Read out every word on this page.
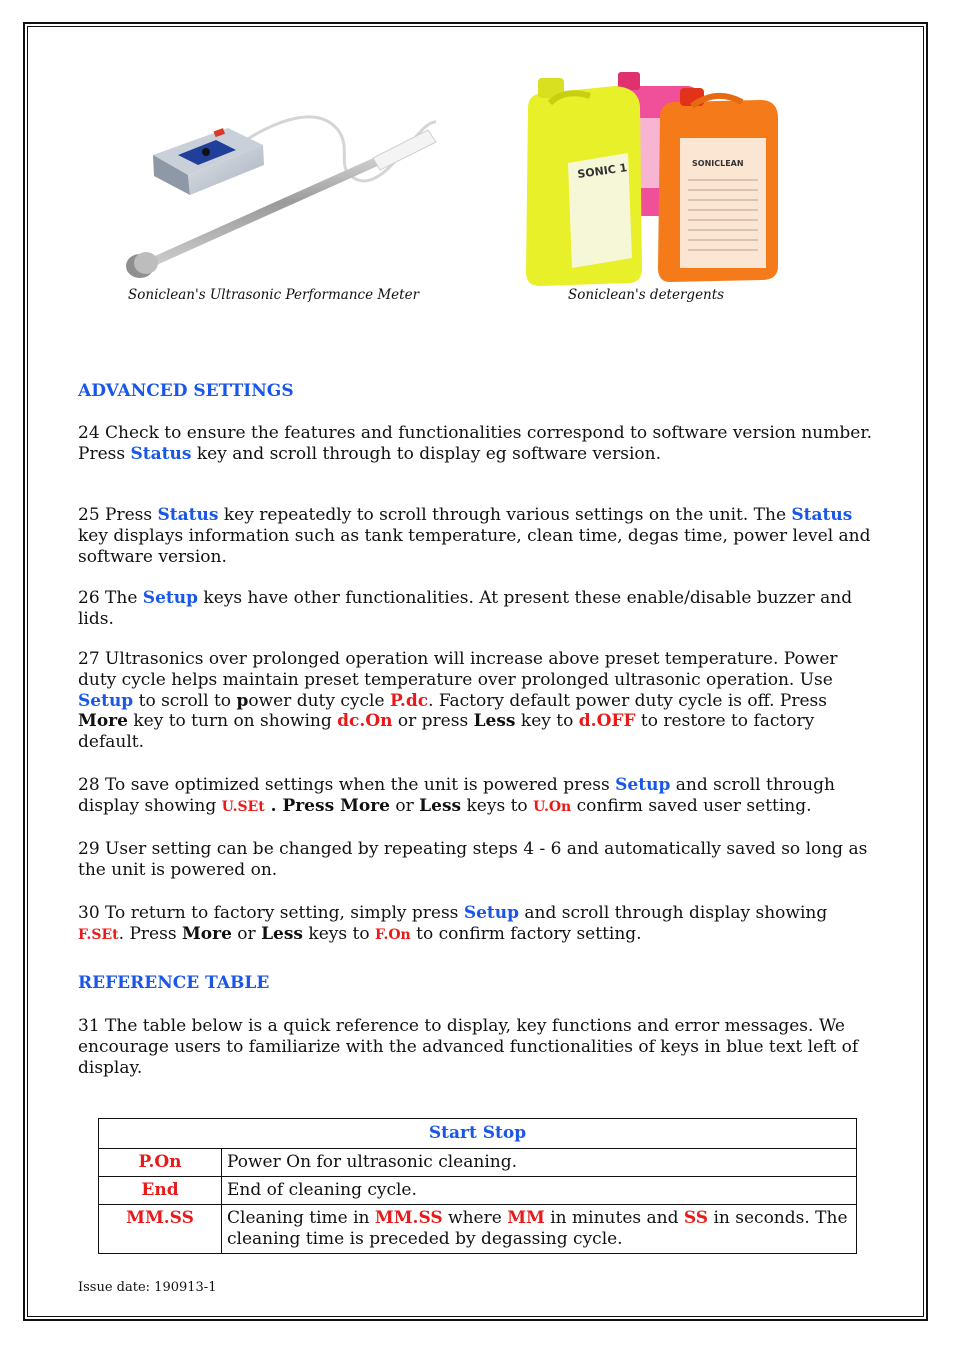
Soniclean's Ultrasonic Performance Meter
SONIC 1	SONICLEAN
Soniclean's detergents
ADVANCED SETTINGS
24 Check to ensure the features and functionalities correspond to software version number.
Press Status key and scroll through to display eg software version.
25 Press Status key repeatedly to scroll through various settings on the unit. The Status key displays information such as tank temperature, clean time, degas time, power level and software version.
26 The Setup keys have other functionalities. At present these enable/disable buzzer and lids.
27 Ultrasonics over prolonged operation will increase above preset temperature. Power duty cycle helps maintain preset temperature over prolonged ultrasonic operation. Use Setup to scroll to power duty cycle P.dc. Factory default power duty cycle is off. Press More key to turn on showing dc.On or press Less key to d.OFF to restore to factory default.
28 To save optimized settings when the unit is powered press Setup and scroll through display showing U.SEt . Press More or Less keys to U.On confirm saved user setting.
29 User setting can be changed by repeating steps 4 - 6 and automatically saved so long as the unit is powered on.
30 To return to factory setting, simply press Setup and scroll through display showing F.SEt. Press More or Less keys to F.On to confirm factory setting.
REFERENCE TABLE
31 The table below is a quick reference to display, key functions and error messages. We encourage users to familiarize with the advanced functionalities of keys in blue text left of display.
Start Stop	
P.On	Power On for ultrasonic cleaning.
End	End of cleaning cycle.
MM.SS	Cleaning time in MM.SS where MM in minutes and SS in seconds. The cleaning time is preceded by degassing cycle.
Issue date: 190913-1
